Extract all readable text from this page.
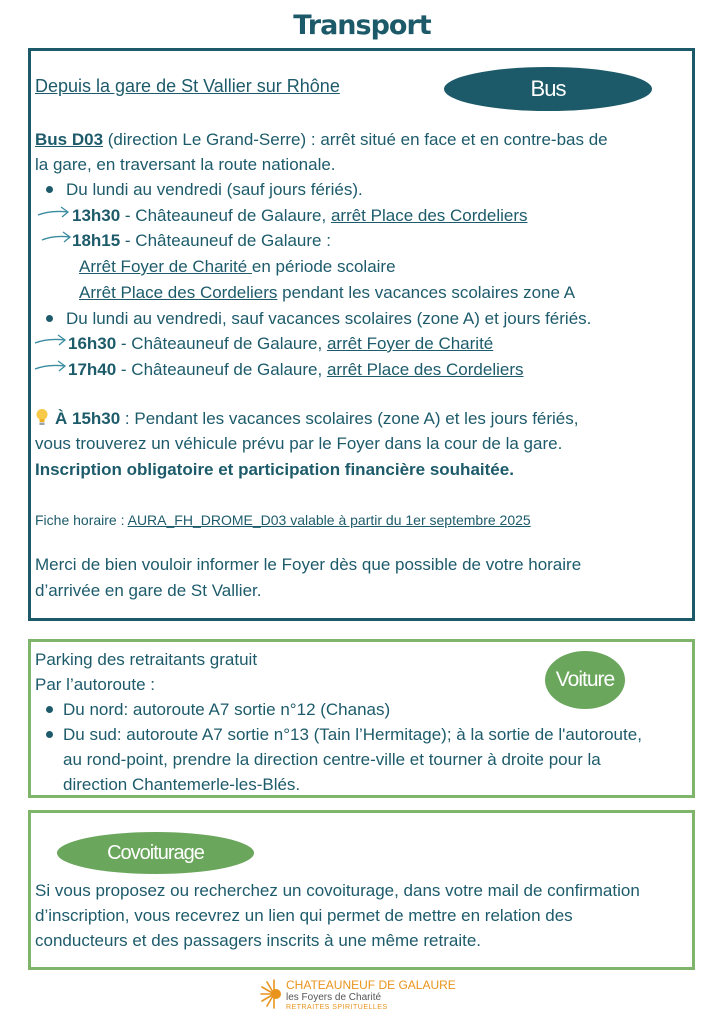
Transport
Bus
Depuis la gare de St Vallier sur Rhône
Bus D03 (direction Le Grand-Serre) : arrêt situé en face et en contre-bas de
la gare, en traversant la route nationale.
Du lundi au vendredi (sauf jours fériés).
13h30 - Châteauneuf de Galaure, arrêt Place des Cordeliers
18h15 - Châteauneuf de Galaure :
Arrêt Foyer de Charité en période scolaire
Arrêt Place des Cordeliers pendant les vacances scolaires zone A
Du lundi au vendredi, sauf vacances scolaires (zone A) et jours fériés.
16h30 - Châteauneuf de Galaure, arrêt Foyer de Charité
17h40 - Châteauneuf de Galaure, arrêt Place des Cordeliers
À 15h30 : Pendant les vacances scolaires (zone A) et les jours fériés,
vous trouverez un véhicule prévu par le Foyer dans la cour de la gare.
Inscription obligatoire et participation financière souhaitée.
Fiche horaire : AURA_FH_DROME_D03 valable à partir du 1er septembre 2025
Merci de bien vouloir informer le Foyer dès que possible de votre horaire
d’arrivée en gare de St Vallier.
Voiture
Parking des retraitants gratuit
Par l’autoroute :
Du nord: autoroute A7 sortie n°12 (Chanas)
Du sud: autoroute A7 sortie n°13 (Tain l’Hermitage); à la sortie de l'autoroute,
au rond-point, prendre la direction centre-ville et tourner à droite pour la
direction Chantemerle-les-Blés.
Covoiturage
Si vous proposez ou recherchez un covoiturage, dans votre mail de confirmation
d’inscription, vous recevrez un lien qui permet de mettre en relation des
conducteurs et des passagers inscrits à une même retraite.
CHATEAUNEUF DE GALAURE
les Foyers de Charité
RETRAITES SPIRITUELLES
